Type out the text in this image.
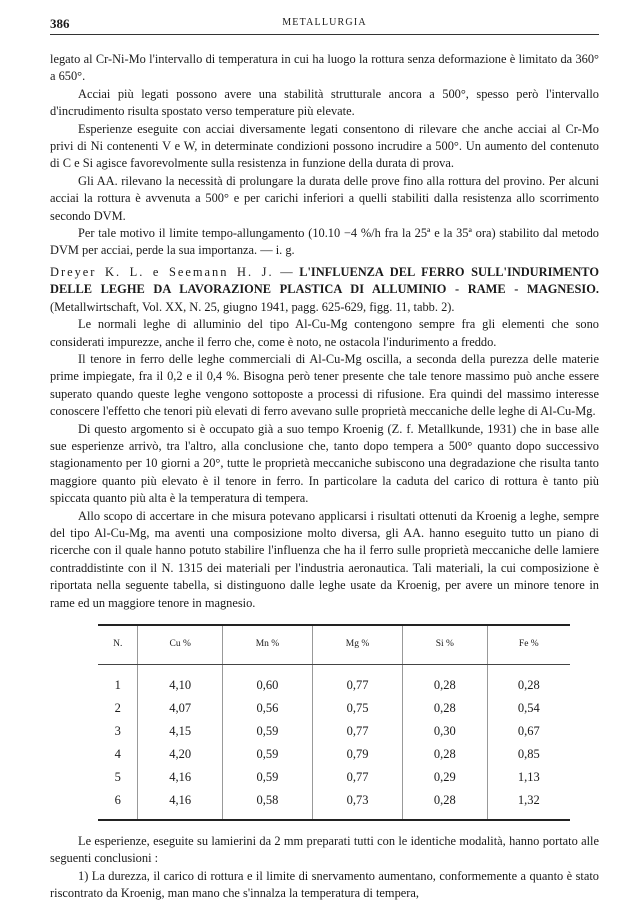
386	METALLURGIA

legato al Cr-Ni-Mo l'intervallo di temperatura in cui ha luogo la rottura senza deformazione è limitato da 360° a 650°.

Acciai più legati possono avere una stabilità strutturale ancora a 500°, spesso però l'intervallo d'incrudimento risulta spostato verso temperature più elevate.

Esperienze eseguite con acciai diversamente legati consentono di rilevare che anche acciai al Cr-Mo privi di Ni contenenti V e W, in determinate condizioni possono incrudire a 500°. Un aumento del contenuto di C e Si agisce favorevolmente sulla resistenza in funzione della durata di prova.

Gli AA. rilevano la necessità di prolungare la durata delle prove fino alla rottura del provino. Per alcuni acciai la rottura è avvenuta a 500° e per carichi inferiori a quelli stabiliti dalla resistenza allo scorrimento secondo DVM.

Per tale motivo il limite tempo-allungamento (10.10 −4 %/h fra la 25ª e la 35ª ora) stabilito dal metodo DVM per acciai, perde la sua importanza. — i. g.

Dreyer K. L. e Seemann H. J. — L'INFLUENZA DEL FERRO SULL'INDURIMENTO DELLE LEGHE DA LAVORAZIONE PLASTICA DI ALLUMINIO - RAME - MAGNESIO. (Metallwirtschaft, Vol. XX, N. 25, giugno 1941, pagg. 625-629, figg. 11, tabb. 2).

Le normali leghe di alluminio del tipo Al-Cu-Mg contengono sempre fra gli elementi che sono considerati impurezze, anche il ferro che, come è noto, ne ostacola l'indurimento a freddo.

Il tenore in ferro delle leghe commerciali di Al-Cu-Mg oscilla, a seconda della purezza delle materie prime impiegate, fra il 0,2 e il 0,4 %. Bisogna però tener presente che tale tenore massimo può anche essere superato quando queste leghe vengono sottoposte a processi di rifusione. Era quindi del massimo interesse conoscere l'effetto che tenori più elevati di ferro avevano sulle proprietà meccaniche delle leghe di Al-Cu-Mg.

Di questo argomento si è occupato già a suo tempo Kroenig (Z. f. Metallkunde, 1931) che in base alle sue esperienze arrivò, tra l'altro, alla conclusione che, tanto dopo tempera a 500° quanto dopo successivo stagionamento per 10 giorni a 20°, tutte le proprietà meccaniche subiscono una degradazione che risulta tanto maggiore quanto più elevato è il tenore in ferro. In particolare la caduta del carico di rottura è tanto più spiccata quanto più alta è la temperatura di tempera.

Allo scopo di accertare in che misura potevano applicarsi i risultati ottenuti da Kroenig a leghe, sempre del tipo Al-Cu-Mg, ma aventi una composizione molto diversa, gli AA. hanno eseguito tutto un piano di ricerche con il quale hanno potuto stabilire l'influenza che ha il ferro sulle proprietà meccaniche delle lamiere contraddistinte con il N. 1315 dei materiali per l'industria aeronautica. Tali materiali, la cui composizione è riportata nella seguente tabella, si distinguono dalle leghe usate da Kroenig, per avere un minore tenore in rame ed un maggiore tenore in magnesio.

N.	Cu %	Mn %	Mg %	Si %	Fe %
1	4,10	0,60	0,77	0,28	0,28
2	4,07	0,56	0,75	0,28	0,54
3	4,15	0,59	0,77	0,30	0,67
4	4,20	0,59	0,79	0,28	0,85
5	4,16	0,59	0,77	0,29	1,13
6	4,16	0,58	0,73	0,28	1,32

Le esperienze, eseguite su lamierini da 2 mm preparati tutti con le identiche modalità, hanno portato alle seguenti conclusioni :

1) La durezza, il carico di rottura e il limite di snervamento aumentano, conformemente a quanto è stato riscontrato da Kroenig, man mano che s'innalza la temperatura di tempera,
